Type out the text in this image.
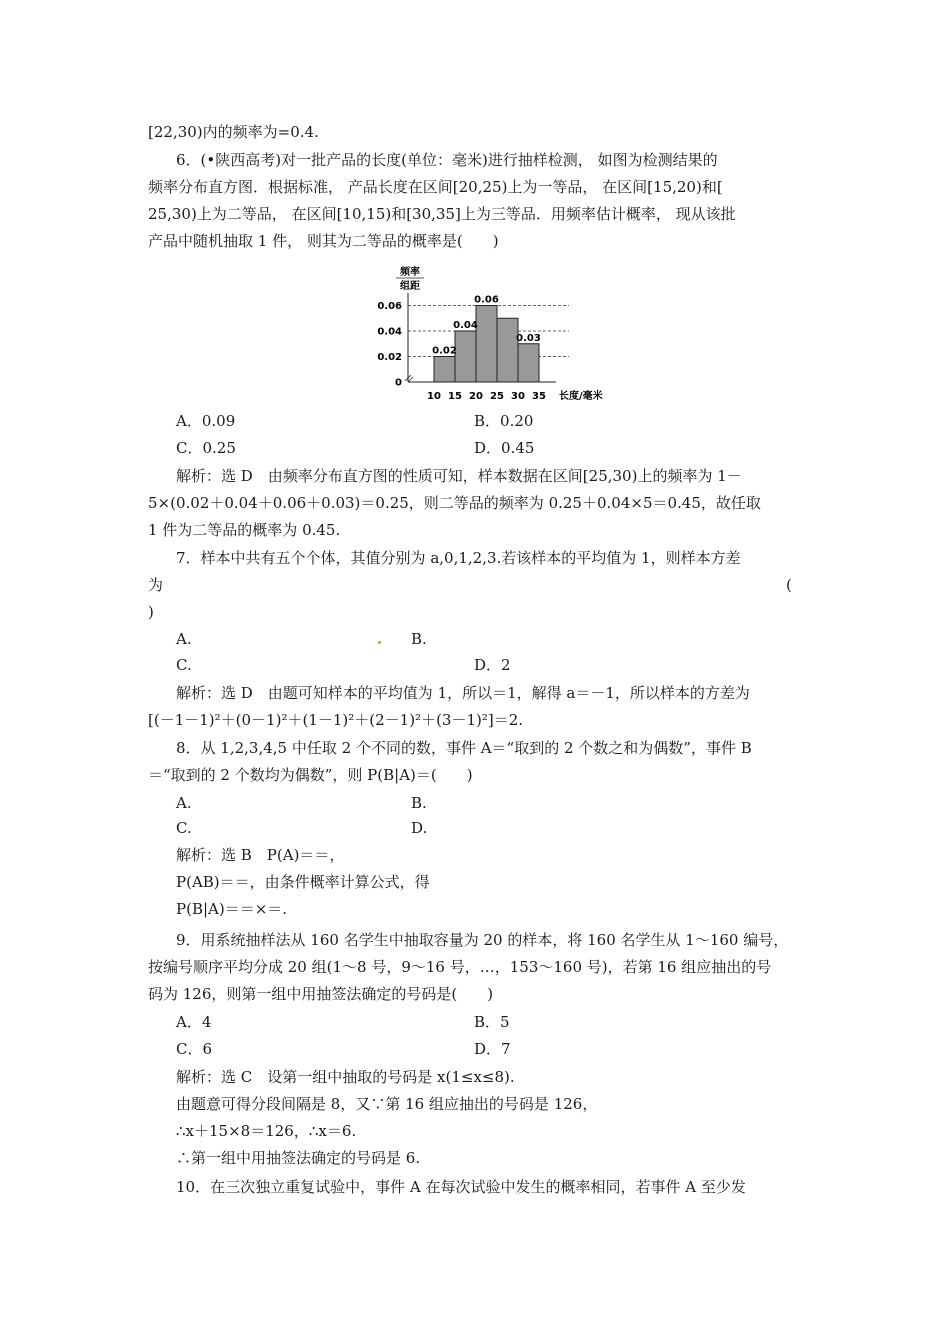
[22,30)内的频率为=0.4.
6．(•陕西高考)对一批产品的长度(单位：毫米)进行抽样检测， 如图为检测结果的
频率分布直方图．根据标准， 产品长度在区间[20,25)上为一等品， 在区间[15,20)和[
25,30)上为二等品， 在区间[10,15)和[30,35]上为三等品．用频率估计概率， 现从该批
产品中随机抽取 1 件， 则其为二等品的概率是(　　)
频率
组距
0
0.02
0.04
0.06
10 15 20 25 30 35
0.02
0.04
0.06
0.03
长度/毫米
A．0.09	B．0.20
C．0.25	D．0.45
解析：选 D　由频率分布直方图的性质可知，样本数据在区间[25,30)上的频率为 1－
5×(0.02＋0.04＋0.06＋0.03)＝0.25，则二等品的频率为 0.25＋0.04×5＝0.45，故任取
1 件为二等品的概率为 0.45.
7．样本中共有五个个体，其值分别为 a,0,1,2,3.若该样本的平均值为 1，则样本方差
为	(
)
A.	B.
C.	D．2
解析：选 D　由题可知样本的平均值为 1，所以＝1，解得 a＝－1，所以样本的方差为
[(－1－1)²＋(0－1)²＋(1－1)²＋(2－1)²＋(3－1)²]＝2.
8．从 1,2,3,4,5 中任取 2 个不同的数，事件 A＝“取到的 2 个数之和为偶数”，事件 B
＝“取到的 2 个数均为偶数”，则 P(B|A)＝(　　)
A.	B.
C.	D.
解析：选 B　P(A)＝＝，
P(AB)＝＝，由条件概率计算公式，得
P(B|A)＝＝×＝.
9．用系统抽样法从 160 名学生中抽取容量为 20 的样本，将 160 名学生从 1～160 编号，
按编号顺序平均分成 20 组(1～8 号，9～16 号，…，153～160 号)，若第 16 组应抽出的号
码为 126，则第一组中用抽签法确定的号码是(　　)
A．4	B．5
C．6	D．7
解析：选 C　设第一组中抽取的号码是 x(1≤x≤8).
由题意可得分段间隔是 8，又∵第 16 组应抽出的号码是 126，
∴x＋15×8＝126，∴x＝6.
∴第一组中用抽签法确定的号码是 6.
10．在三次独立重复试验中，事件 A 在每次试验中发生的概率相同，若事件 A 至少发
